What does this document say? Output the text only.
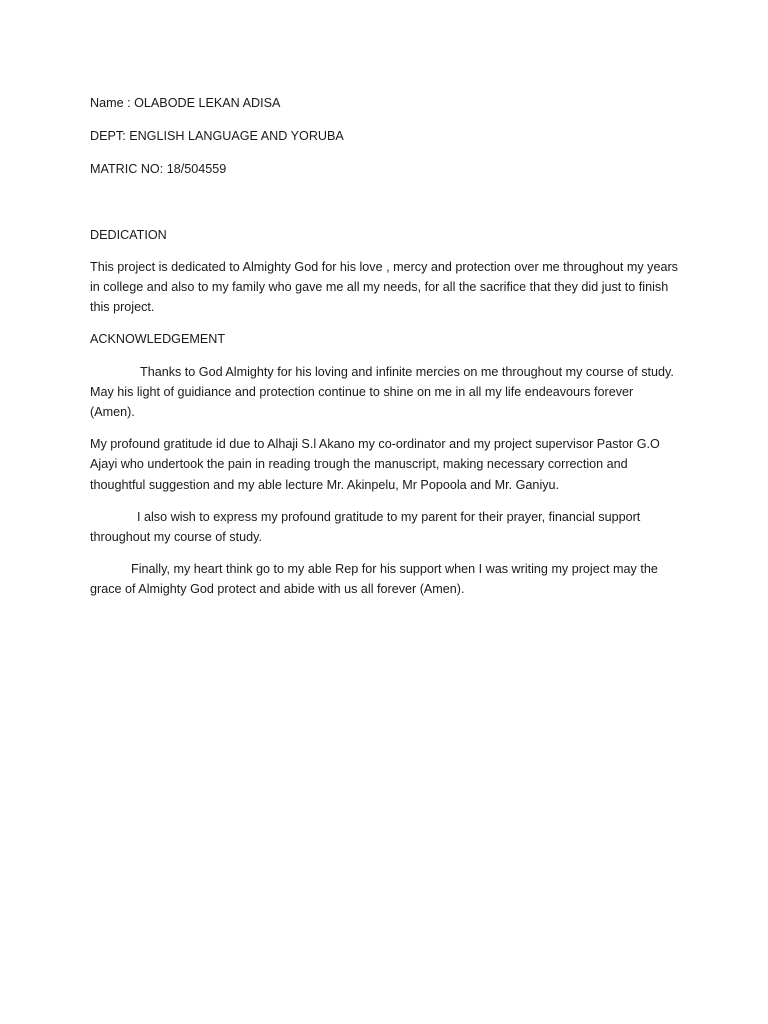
Name : OLABODE LEKAN ADISA

DEPT: ENGLISH LANGUAGE AND YORUBA

MATRIC NO: 18/504559

DEDICATION

This project is dedicated to Almighty God for his love , mercy and protection over me throughout my years in college and also to my family who gave me all my needs, for all the sacrifice that they did just to finish this project.

ACKNOWLEDGEMENT

Thanks to God Almighty for his loving and infinite mercies on me throughout my course of study. May his light of guidiance and protection continue to shine on me in all my life endeavours forever (Amen).

My profound gratitude id due to Alhaji S.l Akano my co-ordinator and my project supervisor Pastor G.O Ajayi who undertook the pain in reading trough the manuscript, making necessary correction and thoughtful suggestion and my able lecture Mr. Akinpelu, Mr Popoola and Mr. Ganiyu.

I also wish to express my profound gratitude to my parent for their prayer, financial support throughout my course of study.

Finally, my heart think go to my able Rep for his support when I was writing my project may the grace of Almighty God protect and abide with us all forever (Amen).
